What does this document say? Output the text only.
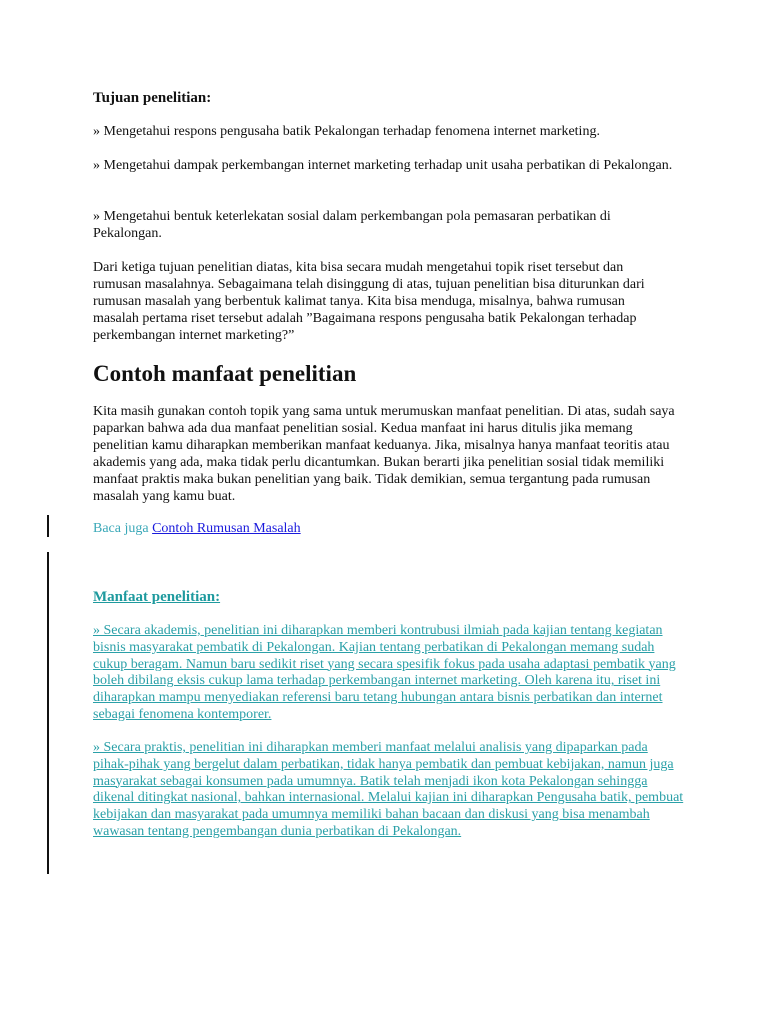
Tujuan penelitian:

» Mengetahui respons pengusaha batik Pekalongan terhadap fenomena internet marketing.

» Mengetahui dampak perkembangan internet marketing terhadap unit usaha perbatikan di Pekalongan.

» Mengetahui bentuk keterlekatan sosial dalam perkembangan pola pemasaran perbatikan di Pekalongan.

Dari ketiga tujuan penelitian diatas, kita bisa secara mudah mengetahui topik riset tersebut dan rumusan masalahnya. Sebagaimana telah disinggung di atas, tujuan penelitian bisa diturunkan dari rumusan masalah yang berbentuk kalimat tanya. Kita bisa menduga, misalnya, bahwa rumusan masalah pertama riset tersebut adalah ”Bagaimana respons pengusaha batik Pekalongan terhadap perkembangan internet marketing?”

Contoh manfaat penelitian

Kita masih gunakan contoh topik yang sama untuk merumuskan manfaat penelitian. Di atas, sudah saya paparkan bahwa ada dua manfaat penelitian sosial. Kedua manfaat ini harus ditulis jika memang penelitian kamu diharapkan memberikan manfaat keduanya. Jika, misalnya hanya manfaat teoritis atau akademis yang ada, maka tidak perlu dicantumkan. Bukan berarti jika penelitian sosial tidak memiliki manfaat praktis maka bukan penelitian yang baik. Tidak demikian, semua tergantung pada rumusan masalah yang kamu buat.

Baca juga Contoh Rumusan Masalah

Manfaat penelitian:

» Secara akademis, penelitian ini diharapkan memberi kontrubusi ilmiah pada kajian tentang kegiatan bisnis masyarakat pembatik di Pekalongan. Kajian tentang perbatikan di Pekalongan memang sudah cukup beragam. Namun baru sedikit riset yang secara spesifik fokus pada usaha adaptasi pembatik yang boleh dibilang eksis cukup lama terhadap perkembangan internet marketing. Oleh karena itu, riset ini diharapkan mampu menyediakan referensi baru tetang hubungan antara bisnis perbatikan dan internet sebagai fenomena kontemporer.

» Secara praktis, penelitian ini diharapkan memberi manfaat melalui analisis yang dipaparkan pada pihak-pihak yang bergelut dalam perbatikan, tidak hanya pembatik dan pembuat kebijakan, namun juga masyarakat sebagai konsumen pada umumnya. Batik telah menjadi ikon kota Pekalongan sehingga dikenal ditingkat nasional, bahkan internasional. Melalui kajian ini diharapkan Pengusaha batik, pembuat kebijakan dan masyarakat pada umumnya memiliki bahan bacaan dan diskusi yang bisa menambah wawasan tentang pengembangan dunia perbatikan di Pekalongan.
